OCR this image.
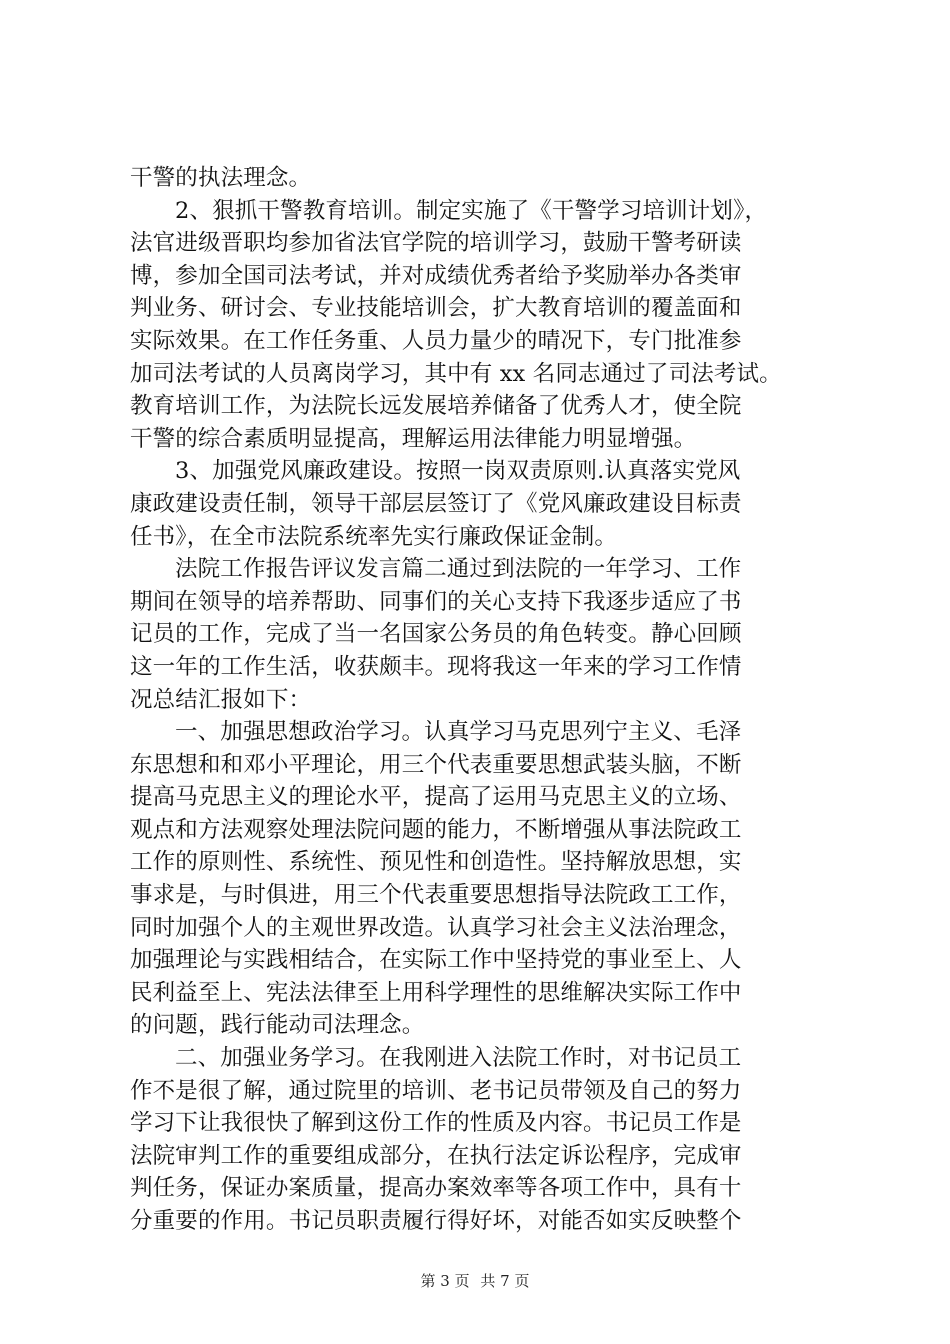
干警的执法理念。
2、狠抓干警教育培训。制定实施了《干警学习培训计划》，
法官进级晋职均参加省法官学院的培训学习，鼓励干警考研读
博，参加全国司法考试，并对成绩优秀者给予奖励举办各类审
判业务、研讨会、专业技能培训会，扩大教育培训的覆盖面和
实际效果。在工作任务重、人员力量少的晴况下，专门批准参
加司法考试的人员离岗学习，其中有 xx 名同志通过了司法考试。
教育培训工作，为法院长远发展培养储备了优秀人才，使全院
干警的综合素质明显提高，理解运用法律能力明显增强。
3、加强党风廉政建设。按照一岗双责原则.认真落实党风
康政建设责任制，领导干部层层签订了《党风廉政建设目标责
任书》，在全市法院系统率先实行廉政保证金制。
法院工作报告评议发言篇二通过到法院的一年学习、工作
期间在领导的培养帮助、同事们的关心支持下我逐步适应了书
记员的工作，完成了当一名国家公务员的角色转变。静心回顾
这一年的工作生活，收获颇丰。现将我这一年来的学习工作情
况总结汇报如下：
一、加强思想政治学习。认真学习马克思列宁主义、毛泽
东思想和和邓小平理论，用三个代表重要思想武装头脑，不断
提高马克思主义的理论水平，提高了运用马克思主义的立场、
观点和方法观察处理法院问题的能力，不断增强从事法院政工
工作的原则性、系统性、预见性和创造性。坚持解放思想，实
事求是，与时俱进，用三个代表重要思想指导法院政工工作，
同时加强个人的主观世界改造。认真学习社会主义法治理念，
加强理论与实践相结合，在实际工作中坚持党的事业至上、人
民利益至上、宪法法律至上用科学理性的思维解决实际工作中
的问题，践行能动司法理念。
二、加强业务学习。在我刚进入法院工作时，对书记员工
作不是很了解，通过院里的培训、老书记员带领及自己的努力
学习下让我很快了解到这份工作的性质及内容。书记员工作是
法院审判工作的重要组成部分，在执行法定诉讼程序，完成审
判任务，保证办案质量，提高办案效率等各项工作中，具有十
分重要的作用。书记员职责履行得好坏，对能否如实反映整个
第 3 页 共 7 页
